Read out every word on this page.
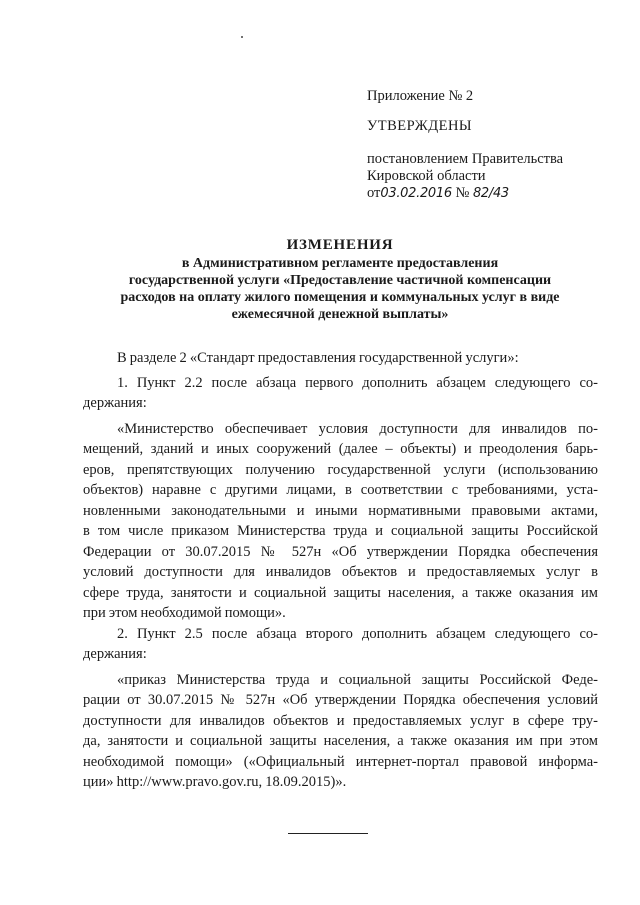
Приложение № 2
УТВЕРЖДЕНЫ
постановлением Правительства
Кировской области
от03.02.2016 № 82/43
ИЗМЕНЕНИЯ
в Административном регламенте предоставления
государственной услуги «Предоставление частичной компенсации
расходов на оплату жилого помещения и коммунальных услуг в виде
ежемесячной денежной выплаты»
В разделе 2 «Стандарт предоставления государственной услуги»:
1. Пункт 2.2 после абзаца первого дополнить абзацем следующего со-
держания:
«Министерство обеспечивает условия доступности для инвалидов по-
мещений, зданий и иных сооружений (далее – объекты) и преодоления барь-
еров, препятствующих получению государственной услуги (использованию
объектов) наравне с другими лицами, в соответствии с требованиями, уста-
новленными законодательными и иными нормативными правовыми актами,
в том числе приказом Министерства труда и социальной защиты Российской
Федерации от 30.07.2015 № 527н «Об утверждении Порядка обеспечения
условий доступности для инвалидов объектов и предоставляемых услуг в
сфере труда, занятости и социальной защиты населения, а также оказания им
при этом необходимой помощи».
2. Пункт 2.5 после абзаца второго дополнить абзацем следующего со-
держания:
«приказ Министерства труда и социальной защиты Российской Феде-
рации от 30.07.2015 № 527н «Об утверждении Порядка обеспечения условий
доступности для инвалидов объектов и предоставляемых услуг в сфере тру-
да, занятости и социальной защиты населения, а также оказания им при этом
необходимой помощи» («Официальный интернет-портал правовой информа-
ции» http://www.pravo.gov.ru, 18.09.2015)».
